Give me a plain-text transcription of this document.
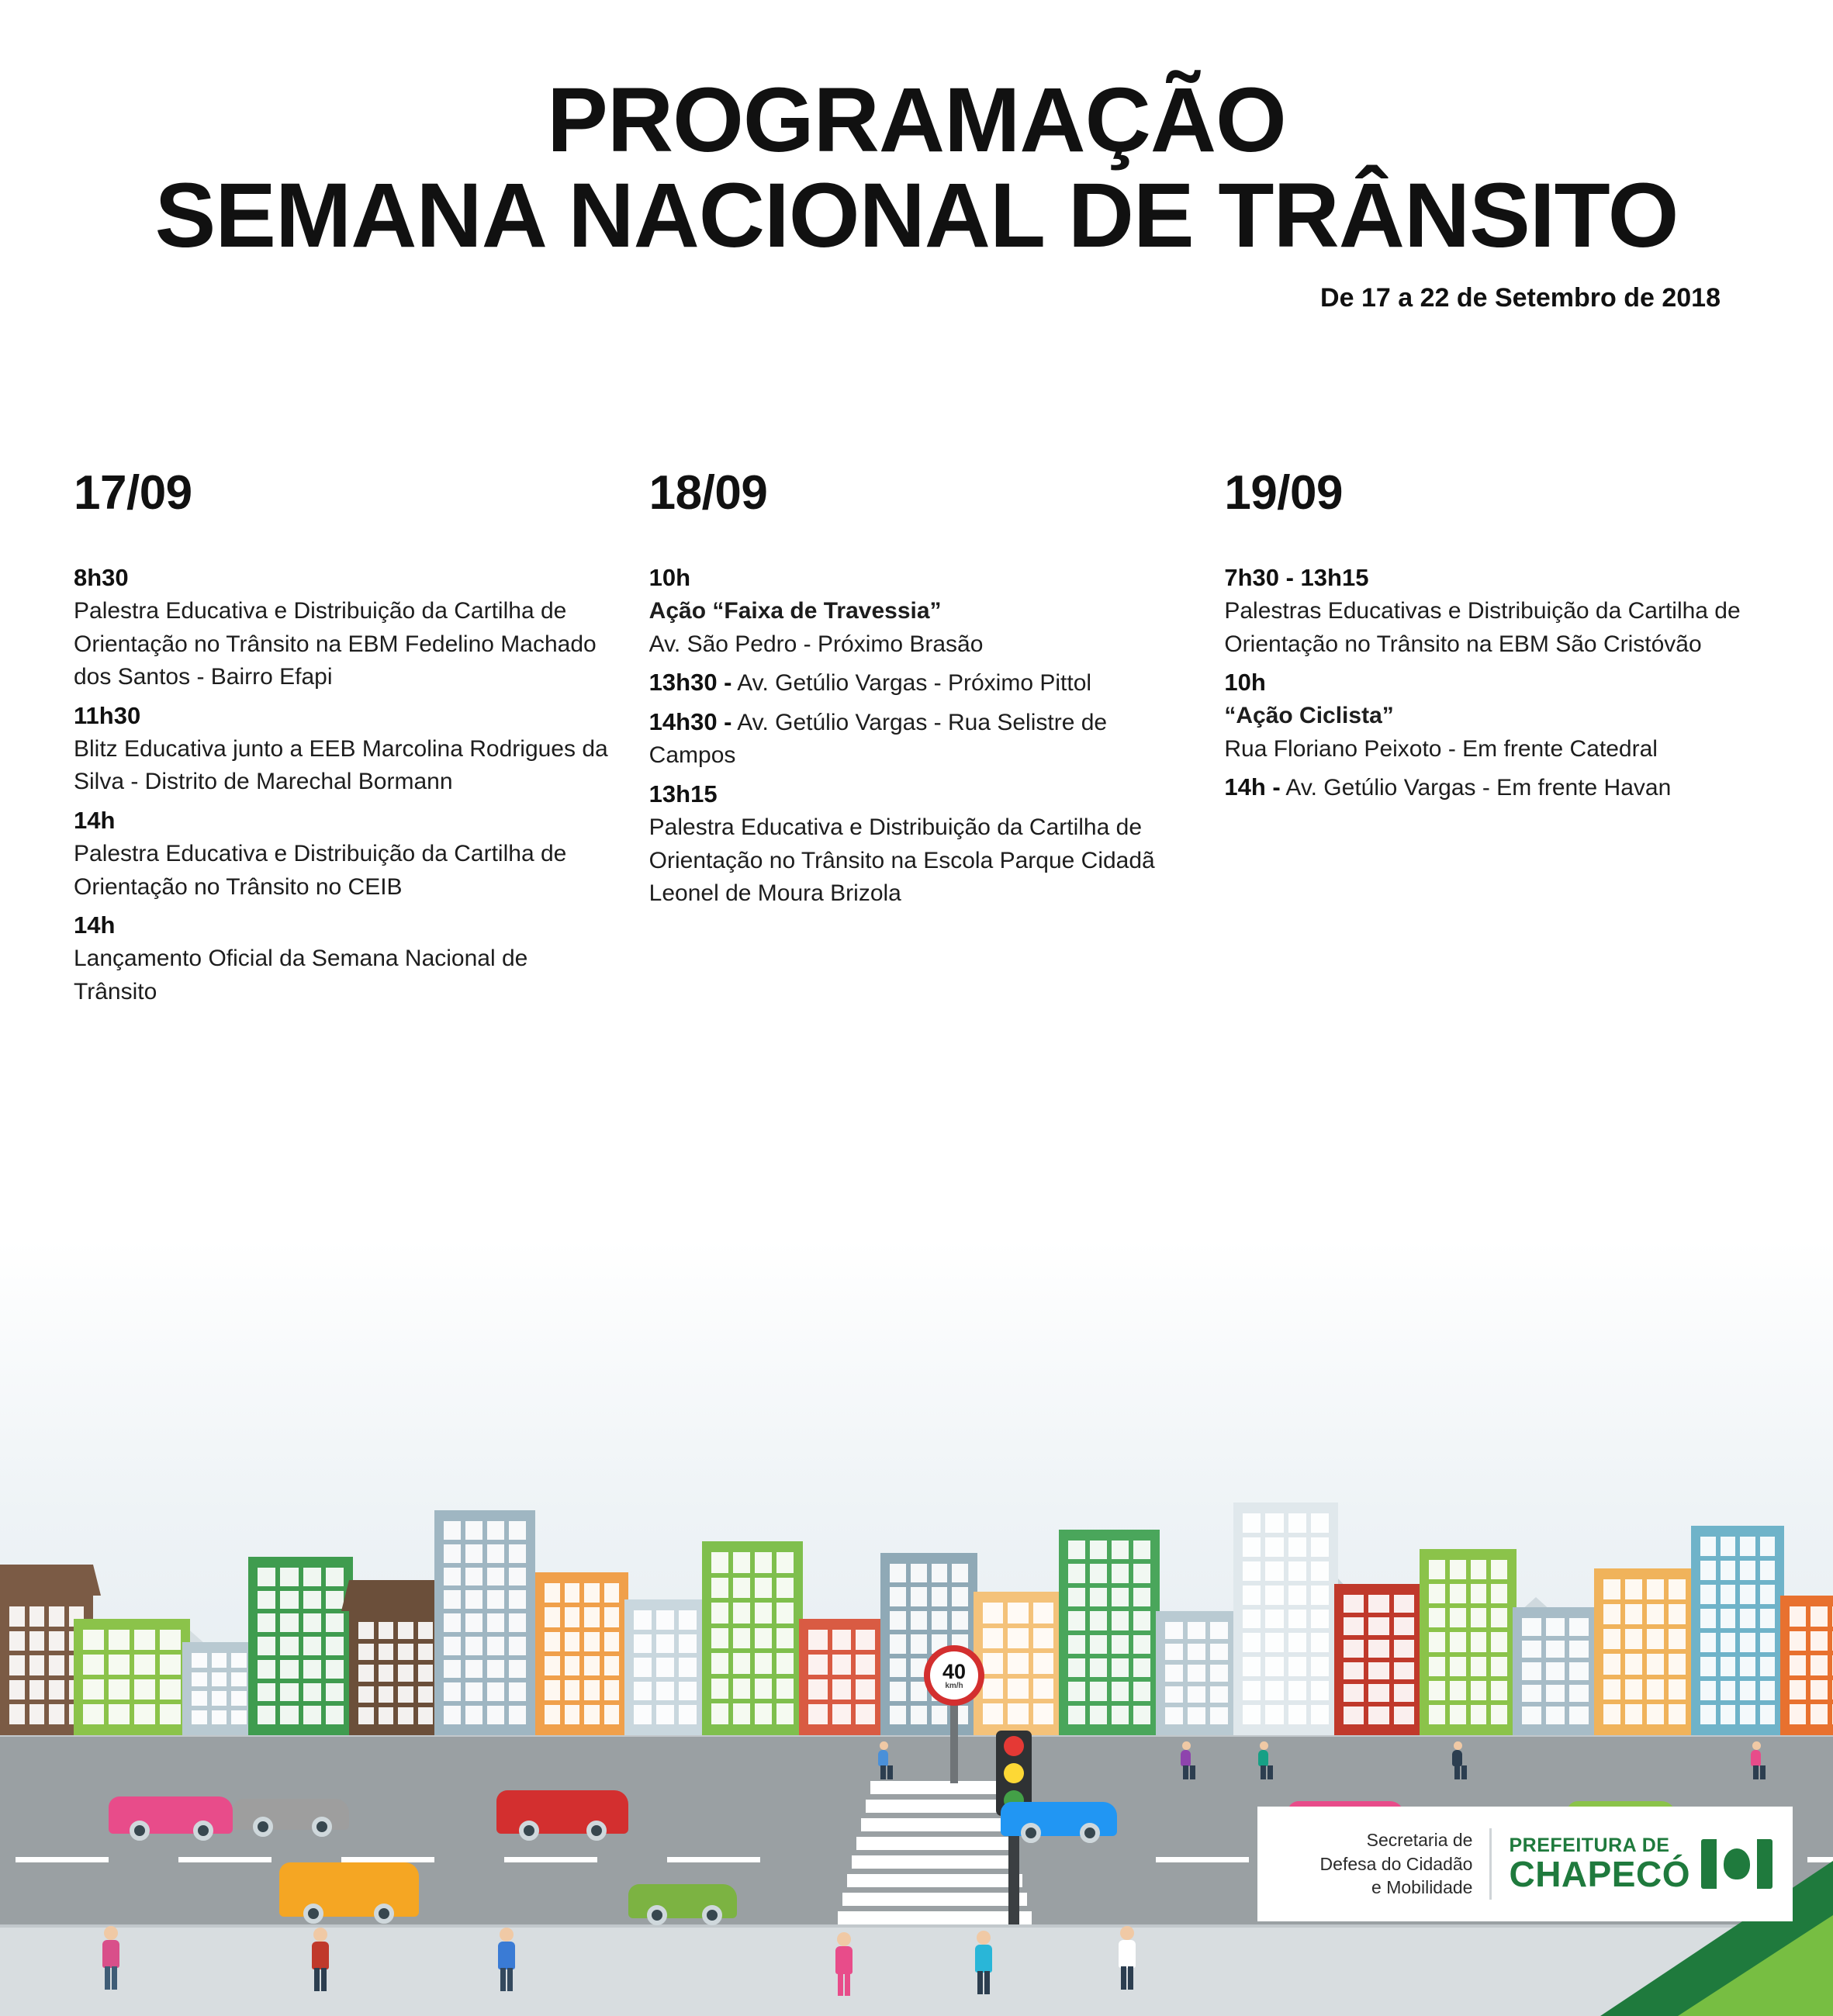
PROGRAMAÇÃO
SEMANA NACIONAL DE TRÂNSITO
De 17 a 22 de Setembro de 2018
17/09
8h30
Palestra Educativa e Distribuição da Cartilha de Orientação no Trânsito na EBM Fedelino Machado dos Santos - Bairro Efapi
11h30
Blitz Educativa junto a EEB Marcolina Rodrigues da Silva - Distrito de Marechal Bormann
14h
Palestra Educativa e Distribuição da Cartilha de Orientação no Trânsito no CEIB
14h
Lançamento Oficial da Semana Nacional de Trânsito
18/09
10h
Ação “Faixa de Travessia”
Av. São Pedro - Próximo Brasão
13h30 - Av. Getúlio Vargas - Próximo Pittol
14h30 - Av. Getúlio Vargas - Rua Selistre de Campos
13h15
Palestra Educativa e Distribuição da Cartilha de Orientação no Trânsito na Escola Parque Cidadã Leonel de Moura Brizola
19/09
7h30 - 13h15
Palestras Educativas e Distribuição da Cartilha de Orientação no Trânsito na EBM São Cristóvão
10h
“Ação Ciclista”
Rua Floriano Peixoto - Em frente Catedral
14h - Av. Getúlio Vargas - Em frente Havan
40
km/h
Secretaria de
Defesa do Cidadão
e Mobilidade
PREFEITURA DE
CHAPECÓ
